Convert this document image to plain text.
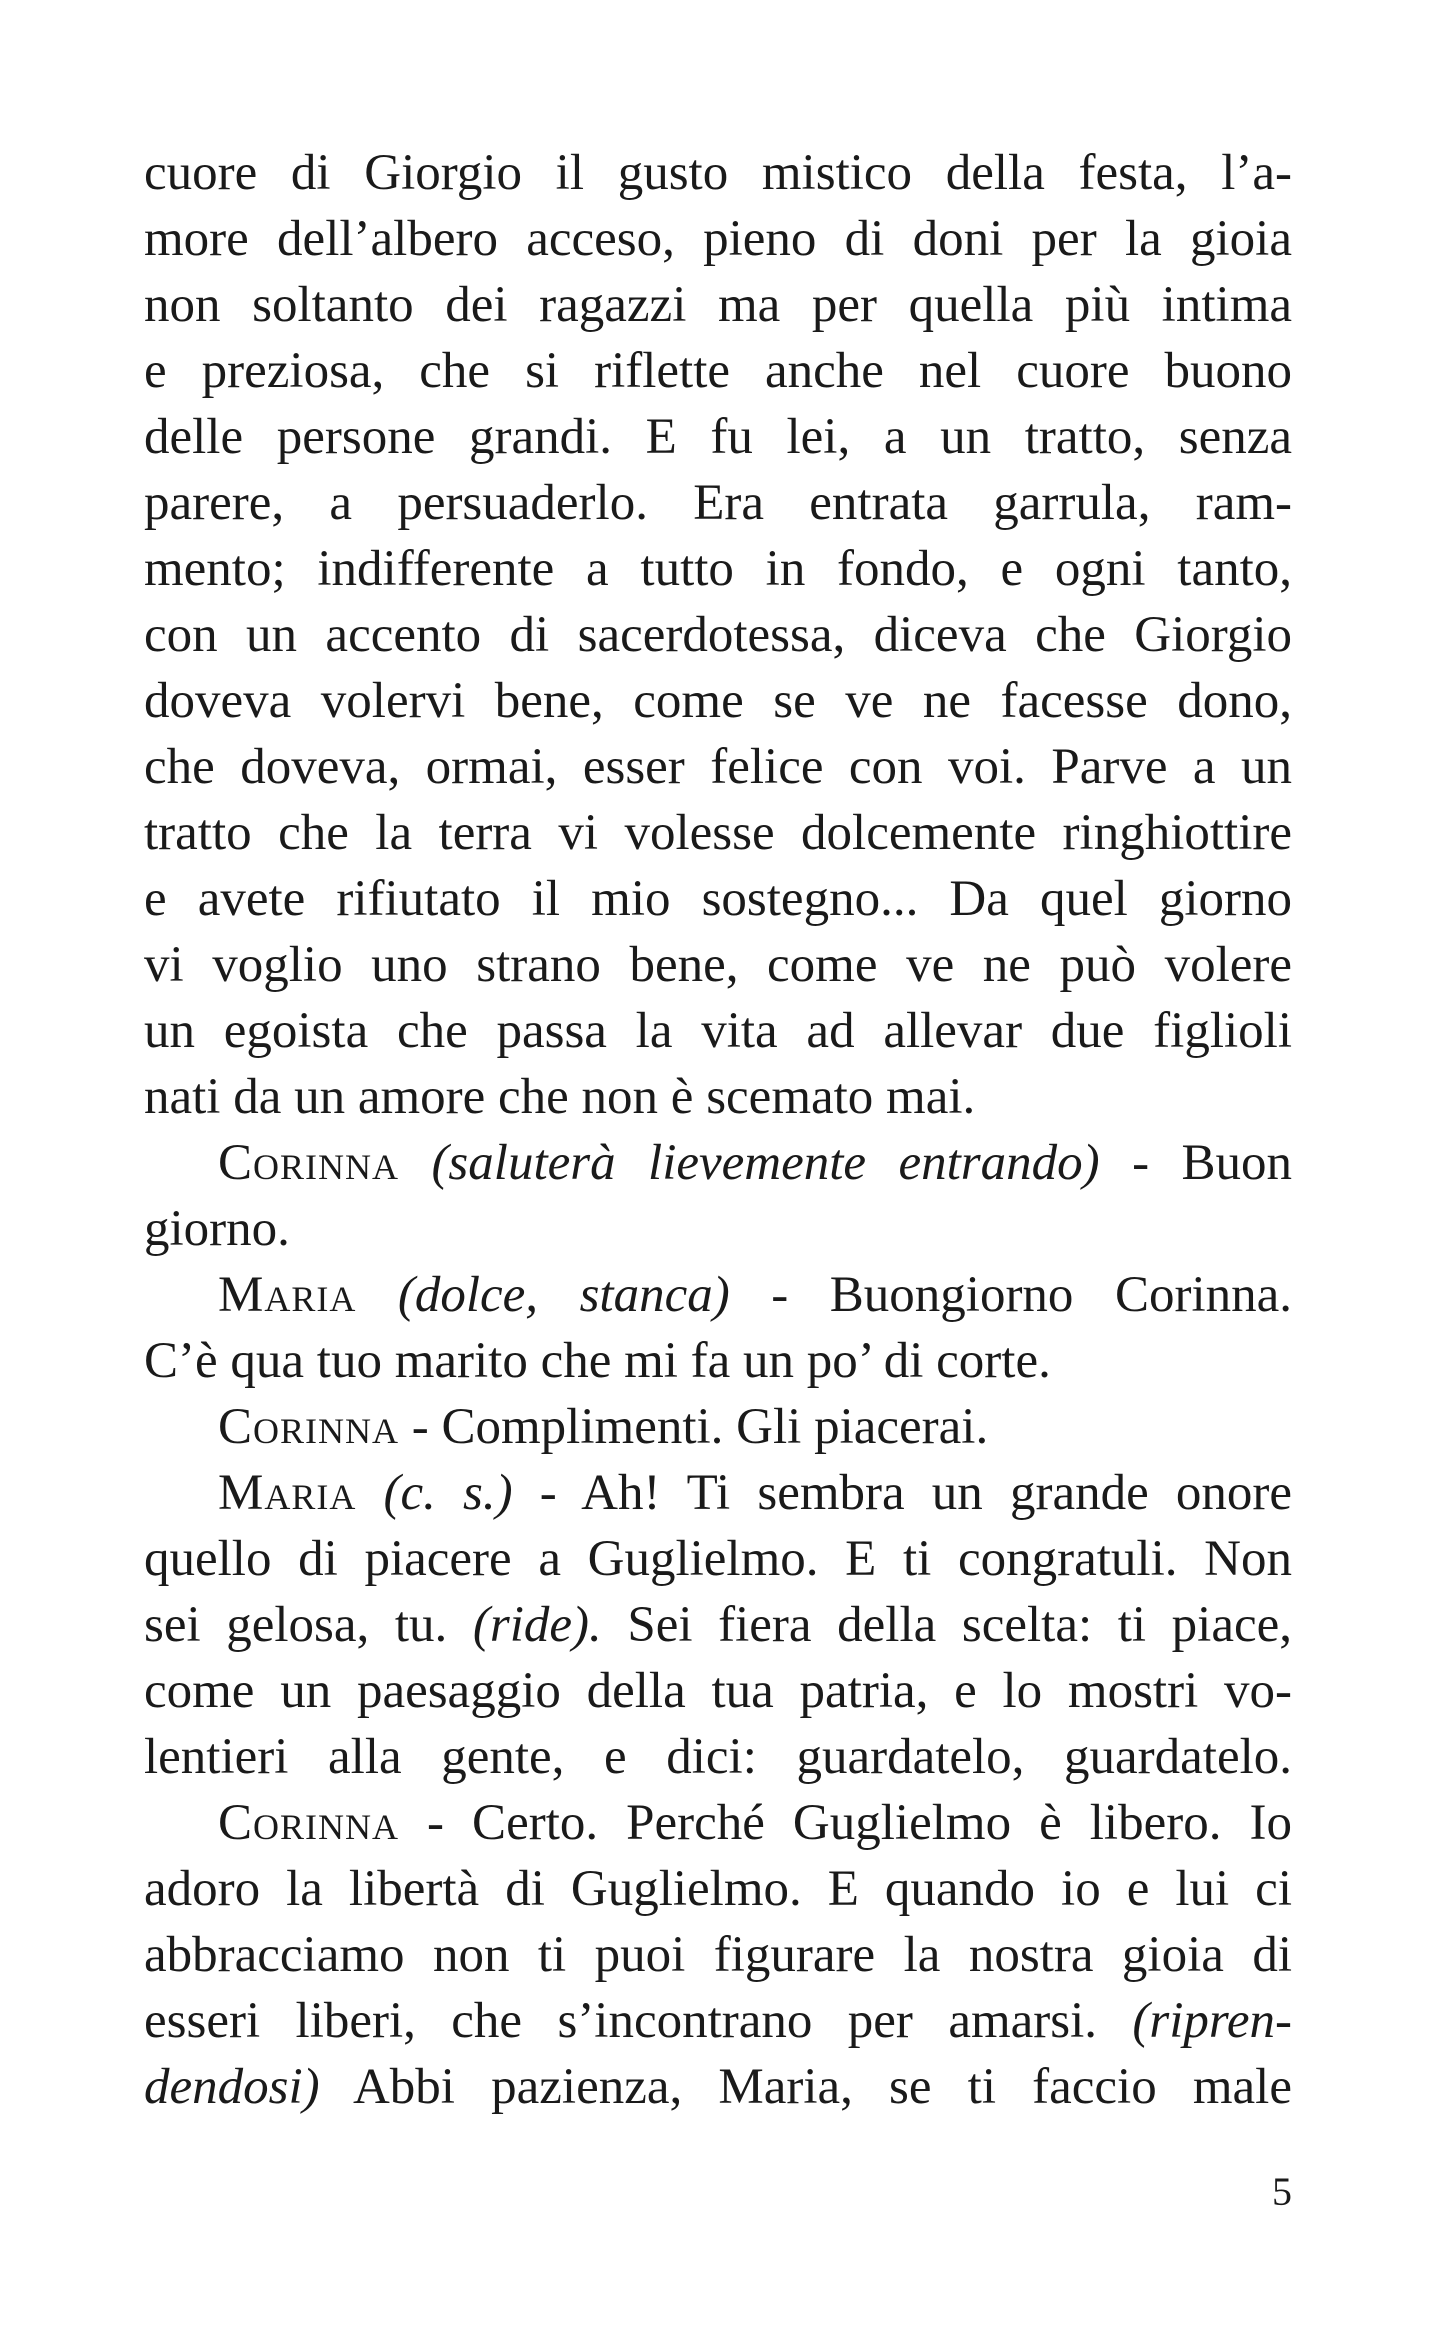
cuore di Giorgio il gusto mistico della festa, l’a-
more dell’albero acceso, pieno di doni per la gioia
non soltanto dei ragazzi ma per quella più intima
e preziosa, che si riflette anche nel cuore buono
delle persone grandi. E fu lei, a un tratto, senza
parere, a persuaderlo. Era entrata garrula, ram-
mento; indifferente a tutto in fondo, e ogni tanto,
con un accento di sacerdotessa, diceva che Giorgio
doveva volervi bene, come se ve ne facesse dono,
che doveva, ormai, esser felice con voi. Parve a un
tratto che la terra vi volesse dolcemente ringhiottire
e avete rifiutato il mio sostegno... Da quel giorno
vi voglio uno strano bene, come ve ne può volere
un egoista che passa la vita ad allevar due figlioli
nati da un amore che non è scemato mai.
Corinna (saluterà lievemente entrando) - Buon
giorno.
Maria (dolce, stanca) - Buongiorno Corinna.
C’è qua tuo marito che mi fa un po’ di corte.
Corinna - Complimenti. Gli piacerai.
Maria (c. s.) - Ah! Ti sembra un grande onore
quello di piacere a Guglielmo. E ti congratuli. Non
sei gelosa, tu. (ride). Sei fiera della scelta: ti piace,
come un paesaggio della tua patria, e lo mostri vo-
lentieri alla gente, e dici: guardatelo, guardatelo.
Corinna - Certo. Perché Guglielmo è libero. Io
adoro la libertà di Guglielmo. E quando io e lui ci
abbracciamo non ti puoi figurare la nostra gioia di
esseri liberi, che s’incontrano per amarsi. (ripren-
dendosi) Abbi pazienza, Maria, se ti faccio male
5
